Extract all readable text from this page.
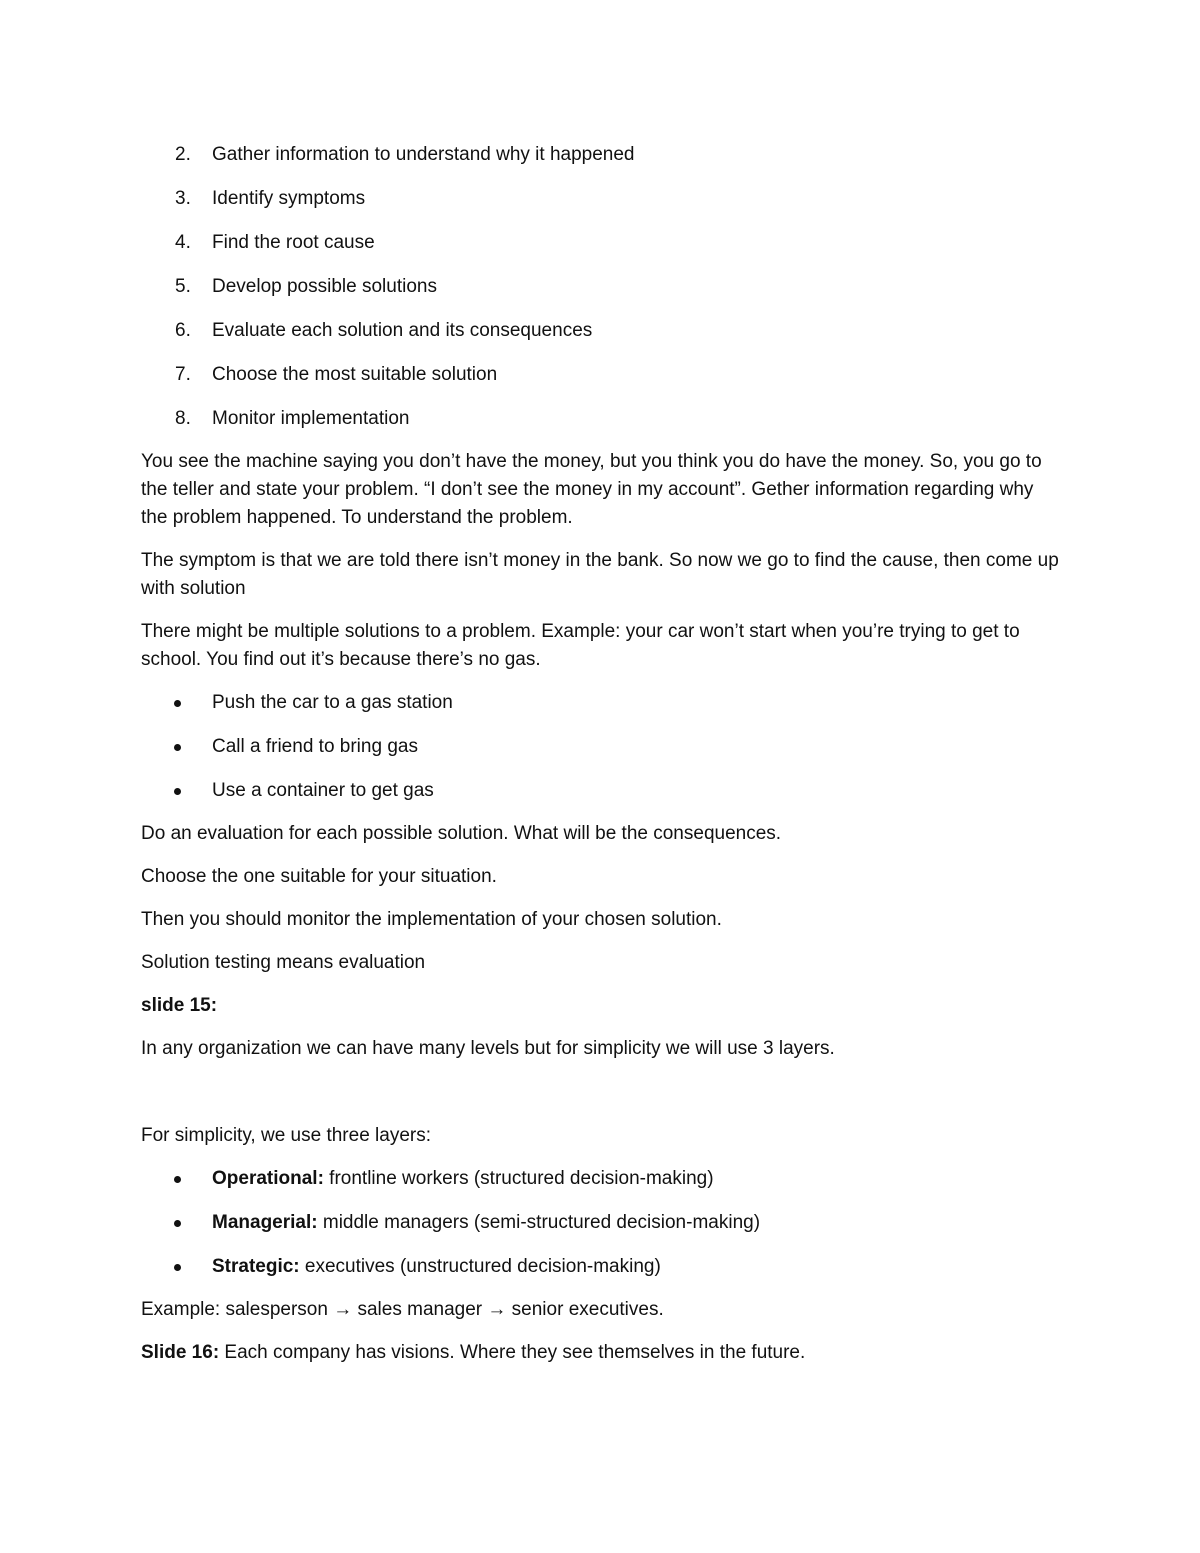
2. Gather information to understand why it happened
3. Identify symptoms
4. Find the root cause
5. Develop possible solutions
6. Evaluate each solution and its consequences
7. Choose the most suitable solution
8. Monitor implementation

You see the machine saying you don’t have the money, but you think you do have the money. So, you go to the teller and state your problem. “I don’t see the money in my account”. Gether information regarding why the problem happened. To understand the problem.

The symptom is that we are told there isn’t money in the bank. So now we go to find the cause, then come up with solution

There might be multiple solutions to a problem. Example: your car won’t start when you’re trying to get to school. You find out it’s because there’s no gas.

Push the car to a gas station
Call a friend to bring gas
Use a container to get gas

Do an evaluation for each possible solution. What will be the consequences.

Choose the one suitable for your situation.

Then you should monitor the implementation of your chosen solution.

Solution testing means evaluation

slide 15:

In any organization we can have many levels but for simplicity we will use 3 layers.

For simplicity, we use three layers:

Operational: frontline workers (structured decision-making)
Managerial: middle managers (semi-structured decision-making)
Strategic: executives (unstructured decision-making)

Example: salesperson → sales manager → senior executives.

Slide 16: Each company has visions. Where they see themselves in the future.
